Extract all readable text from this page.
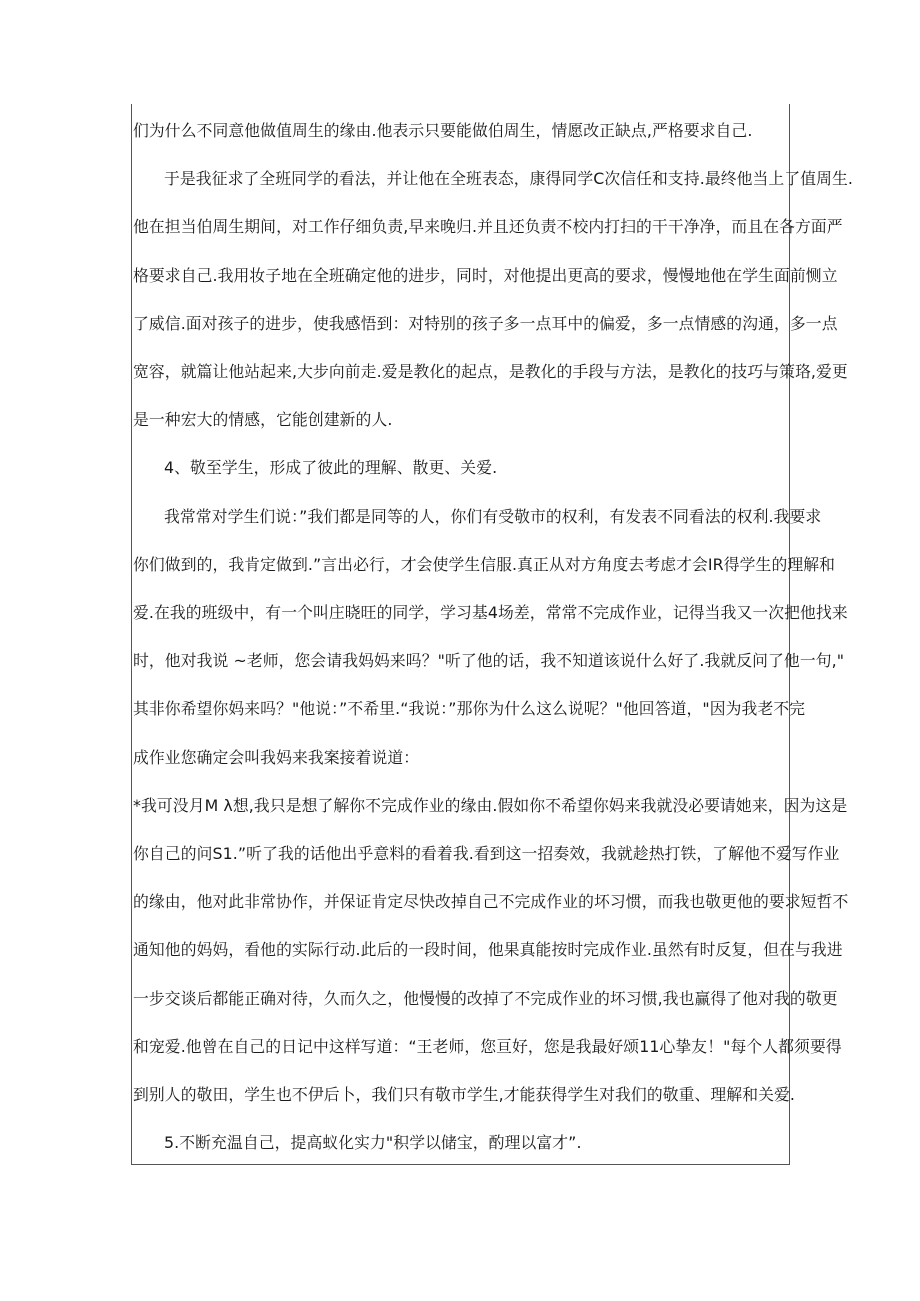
们为什么不同意他做值周生的缘由.他表示只要能做伯周生，情愿改正缺点,严格要求自己.
于是我征求了全班同学的看法，并让他在全班表态，康得同学C次信任和支持.最终他当上了值周生.
他在担当伯周生期间，对工作仔细负责,早来晚归.并且还负责不校内打扫的干干净净，而且在各方面严
格要求自己.我用妆子地在全班确定他的进步，同时，对他提出更高的要求，慢慢地他在学生面前恻立
了威信.面对孩子的进步，使我感悟到：对特别的孩子多一点耳中的偏爱，多一点情感的沟通，多一点
宽容，就篇让他站起来,大步向前走.爱是教化的起点，是教化的手段与方法，是教化的技巧与策珞,爱更
是一种宏大的情感，它能创建新的人.
4、敬至学生，形成了彼此的理解、散更、关爱.
我常常对学生们说：”我们都是同等的人，你们有受敬市的权利，有发表不同看法的权利.我要求
你们做到的，我肯定做到.”言出必行，才会使学生信服.真正从对方角度去考虑才会IR得学生的理解和
爱.在我的班级中，有一个叫庄晓旺的同学，学习基4场差，常常不完成作业，记得当我又一次把他找来
时，他对我说 ~老师，您会请我妈妈来吗？"听了他的话，我不知道该说什么好了.我就反问了他一句,"
其非你希望你妈来吗？"他说：”不希里.“我说：”那你为什么这么说呢？"他回答道，"因为我老不完
成作业您确定会叫我妈来我案接着说道：
*我可没月M λ想,我只是想了解你不完成作业的缘由.假如你不希望你妈来我就没必要请她来，因为这是
你自己的问S1.”听了我的话他出乎意料的看着我.看到这一招奏效，我就趁热打铁，了解他不爱写作业
的缘由，他对此非常协作，并保证肯定尽快改掉自己不完成作业的坏习惯，而我也敬更他的要求短哲不
通知他的妈妈，看他的实际行动.此后的一段时间，他果真能按时完成作业.虽然有时反复，但在与我进
一步交谈后都能正确对待，久而久之，他慢慢的改掉了不完成作业的坏习惯,我也赢得了他对我的敬更
和宠爱.他曾在自己的日记中这样写道：“王老师，您亘好，您是我最好颂11心挚友！"每个人都须要得
到别人的敬田，学生也不伊后卜，我们只有敬市学生,才能获得学生对我们的敬重、理解和关爱.
5.不断充温自己，提高蚁化实力"积学以储宝，酌理以富才”.
